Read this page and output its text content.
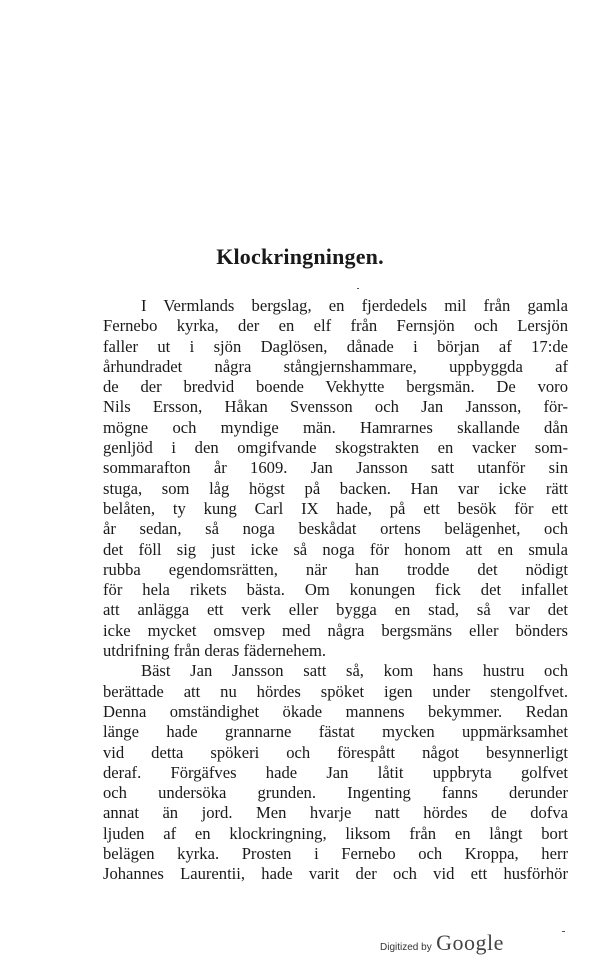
Klockringningen.
I Vermlands bergslag, en fjerdedels mil från gamla
Fernebo kyrka, der en elf från Fernsjön och Lersjön
faller ut i sjön Daglösen, dånade i början af 17:de
århundradet några stångjernshammare, uppbyggda af
de der bredvid boende Vekhytte bergsmän. De voro
Nils Ersson, Håkan Svensson och Jan Jansson, för-
mögne och myndige män. Hamrarnes skallande dån
genljöd i den omgifvande skogstrakten en vacker som-
sommarafton år 1609. Jan Jansson satt utanför sin
stuga, som låg högst på backen. Han var icke rätt
belåten, ty kung Carl IX hade, på ett besök för ett
år sedan, så noga beskådat ortens belägenhet, och
det föll sig just icke så noga för honom att en smula
rubba egendomsrätten, när han trodde det nödigt
för hela rikets bästa. Om konungen fick det infallet
att anlägga ett verk eller bygga en stad, så var det
icke mycket omsvep med några bergsmäns eller bönders
utdrifning från deras fädernehem.
Bäst Jan Jansson satt så, kom hans hustru och
berättade att nu hördes spöket igen under stengolfvet.
Denna omständighet ökade mannens bekymmer. Redan
länge hade grannarne fästat mycken uppmärksamhet
vid detta spökeri och förespått något besynnerligt
deraf. Förgäfves hade Jan låtit uppbryta golfvet
och undersöka grunden. Ingenting fanns derunder
annat än jord. Men hvarje natt hördes de dofva
ljuden af en klockringning, liksom från en långt bort
belägen kyrka. Prosten i Fernebo och Kroppa, herr
Johannes Laurentii, hade varit der och vid ett husförhör
Digitized by Google
